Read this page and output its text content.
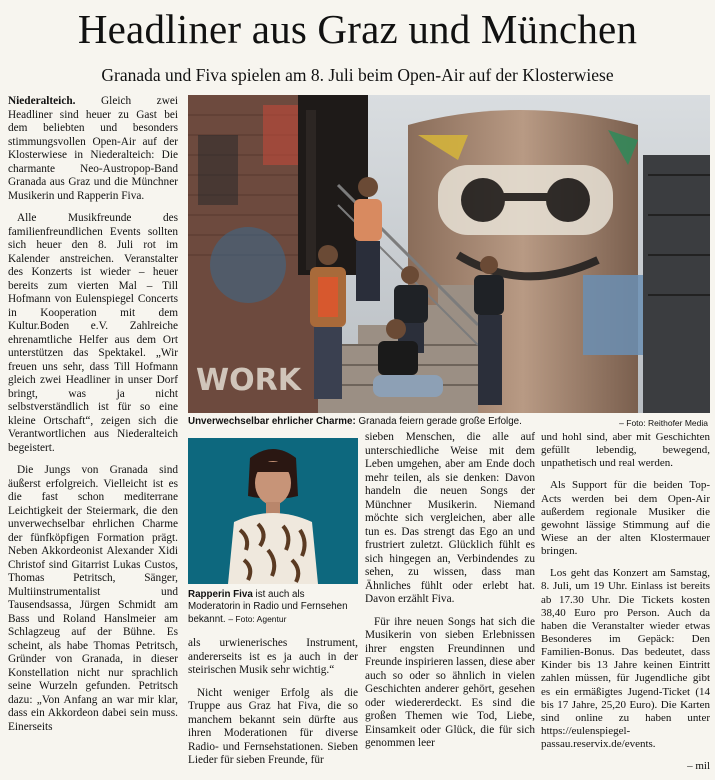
Headliner aus Graz und München
Granada und Fiva spielen am 8. Juli beim Open-Air auf der Klosterwiese

Niederalteich. Gleich zwei Headliner sind heuer zu Gast bei dem beliebten und besonders stimmungsvollen Open-Air auf der Klosterwiese in Niederalteich: Die charmante Neo-Austropop-Band Granada aus Graz und die Münchner Musikerin und Rapperin Fiva.

Alle Musikfreunde des familienfreundlichen Events sollten sich heuer den 8. Juli rot im Kalender anstreichen. Veranstalter des Konzerts ist wieder – heuer bereits zum vierten Mal – Till Hofmann von Eulenspiegel Concerts in Kooperation mit dem Kultur.Boden e.V. Zahlreiche ehrenamtliche Helfer aus dem Ort unterstützen das Spektakel. „Wir freuen uns sehr, dass Till Hofmann gleich zwei Headliner in unser Dorf bringt, was ja nicht selbstverständlich ist für so eine kleine Ortschaft“, zeigen sich die Verantwortlichen aus Niederalteich begeistert.

Die Jungs von Granada sind äußerst erfolgreich. Vielleicht ist es die fast schon mediterrane Leichtigkeit der Steiermark, die den unverwechselbar ehrlichen Charme der fünfköpfigen Formation prägt. Neben Akkordeonist Alexander Xidi Christof sind Gitarrist Lukas Custos, Thomas Petritsch, Sänger, Multiinstrumentalist und Tausendsassa, Jürgen Schmidt am Bass und Roland Hanslmeier am Schlagzeug auf der Bühne. Es scheint, als habe Thomas Petritsch, Gründer von Granada, in dieser Konstellation nicht nur sprachlich seine Wurzeln gefunden. Petritsch dazu: „Von Anfang an war mir klar, dass ein Akkordeon dabei sein muss. Einerseits

WORK
Unverwechselbar ehrlicher Charme: Granada feiern gerade große Erfolge.	– Foto: Reithofer Media
Rapperin Fiva ist auch als Moderatorin in Radio und Fernsehen bekannt. – Foto: Agentur

als urwienerisches Instrument, andererseits ist es ja auch in der steirischen Musik sehr wichtig.“

Nicht weniger Erfolg als die Truppe aus Graz hat Fiva, die so manchem bekannt sein dürfte aus ihren Moderationen für diverse Radio- und Fernsehstationen. Sieben Lieder für sieben Freunde, für

sieben Menschen, die alle auf unterschiedliche Weise mit dem Leben umgehen, aber am Ende doch mehr teilen, als sie denken: Davon handeln die neuen Songs der Münchner Musikerin. Niemand möchte sich vergleichen, aber alle tun es. Das strengt das Ego an und frustriert zuletzt. Glücklich fühlt es sich hingegen an, Verbindendes zu sehen, zu wissen, dass man Ähnliches fühlt oder erlebt hat. Davon erzählt Fiva.

Für ihre neuen Songs hat sich die Musikerin von sieben Erlebnissen ihrer engsten Freundinnen und Freunde inspirieren lassen, diese aber auch so oder so ähnlich in vielen Geschichten anderer gehört, gesehen oder wiedererdeckt. Es sind die großen Themen wie Tod, Liebe, Einsamkeit oder Glück, die für sich genommen leer

und hohl sind, aber mit Geschichten gefüllt lebendig, bewegend, unpathetisch und real werden.

Als Support für die beiden Top-Acts werden bei dem Open-Air außerdem regionale Musiker die gewohnt lässige Stimmung auf die Wiese an der alten Klostermauer bringen.

Los geht das Konzert am Samstag, 8. Juli, um 19 Uhr. Einlass ist bereits ab 17.30 Uhr. Die Tickets kosten 38,40 Euro pro Person. Auch da haben die Veranstalter wieder etwas Besonderes im Gepäck: Den Familien-Bonus. Das bedeutet, dass Kinder bis 13 Jahre keinen Eintritt zahlen müssen, für Jugendliche gibt es ein ermäßigtes Jugend-Ticket (14 bis 17 Jahre, 25,20 Euro). Die Karten sind online zu haben unter https://eulenspiegel-passau.reservix.de/events.

– mil
